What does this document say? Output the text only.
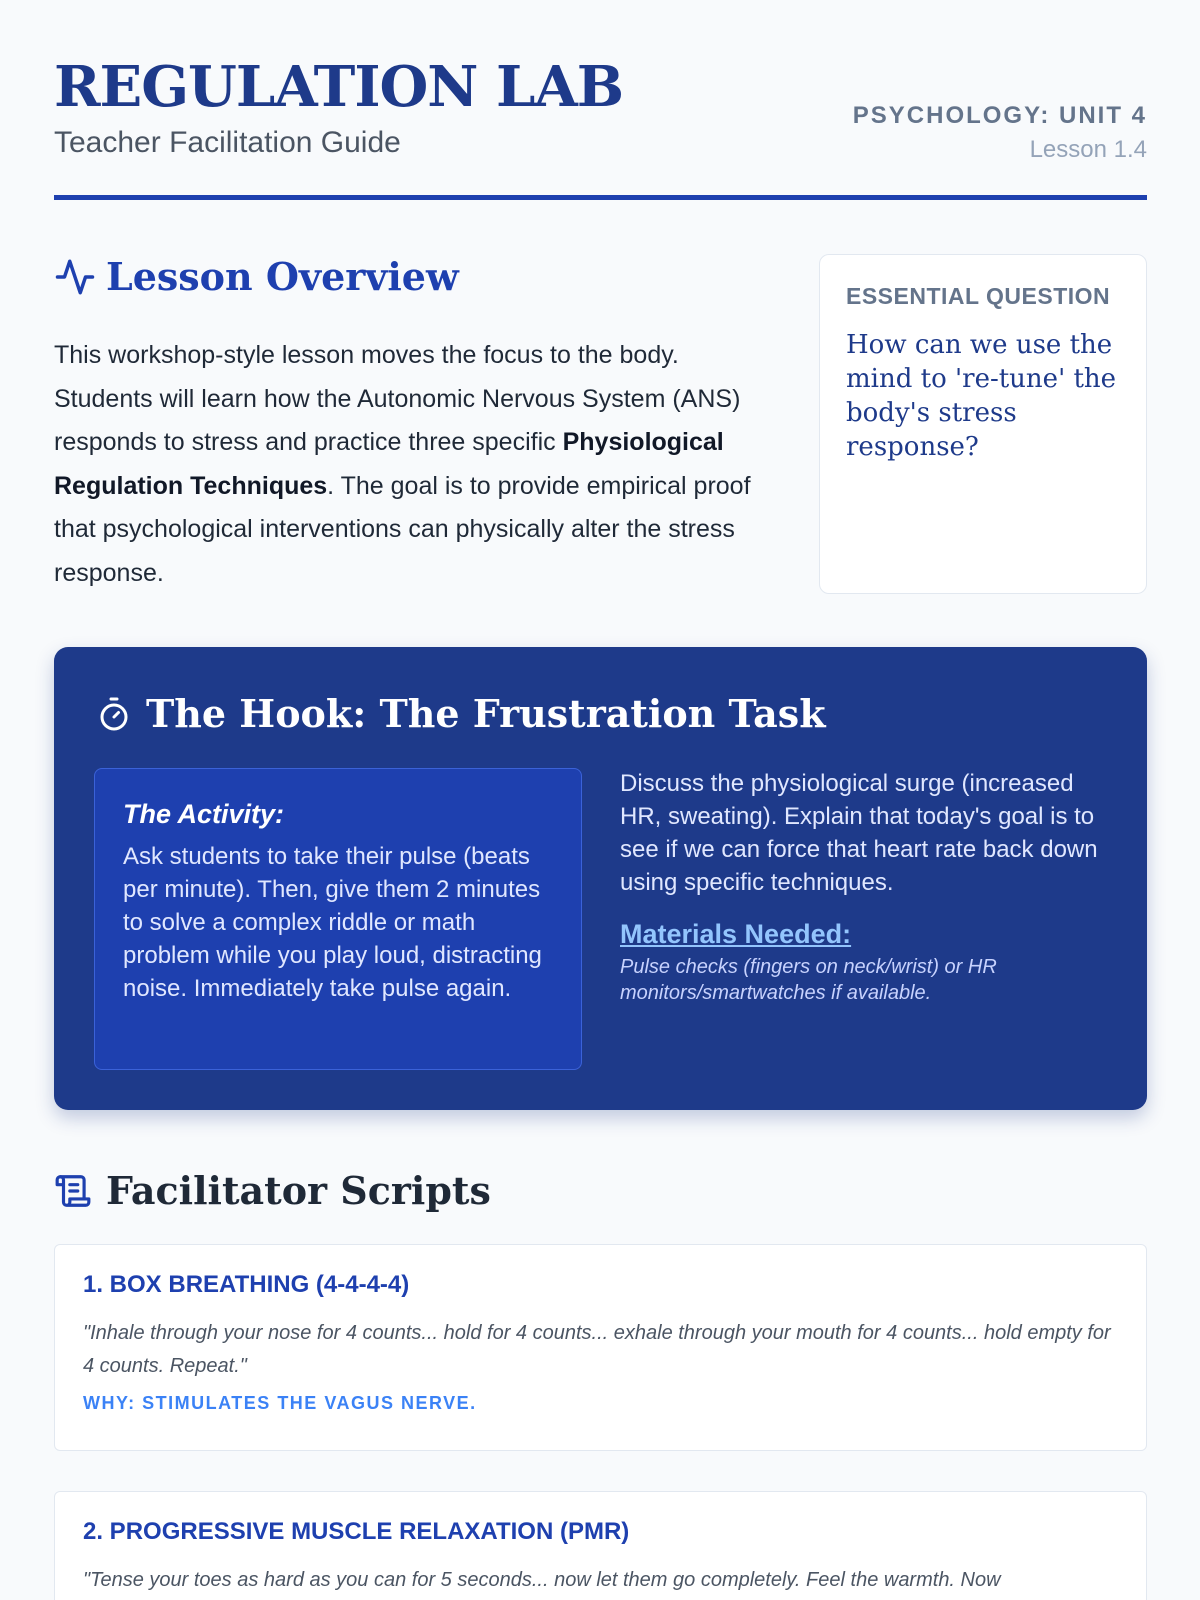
REGULATION LAB
Teacher Facilitation Guide
PSYCHOLOGY: UNIT 4
Lesson 1.4
Lesson Overview

This workshop-style lesson moves the focus to the body. Students will learn how the Autonomic Nervous System (ANS) responds to stress and practice three specific Physiological Regulation Techniques. The goal is to provide empirical proof that psychological interventions can physically alter the stress response.

ESSENTIAL QUESTION
How can we use the mind to 're-tune' the body's stress response?
The Hook: The Frustration Task
The Activity:
Ask students to take their pulse (beats per minute). Then, give them 2 minutes to solve a complex riddle or math problem while you play loud, distracting noise. Immediately take pulse again.
Discuss the physiological surge (increased HR, sweating). Explain that today's goal is to see if we can force that heart rate back down using specific techniques.
Materials Needed:
Pulse checks (fingers on neck/wrist) or HR monitors/smartwatches if available.
Facilitator Scripts
1. BOX BREATHING (4-4-4-4)
"Inhale through your nose for 4 counts... hold for 4 counts... exhale through your mouth for 4 counts... hold empty for 4 counts. Repeat."
WHY: STIMULATES THE VAGUS NERVE.
2. PROGRESSIVE MUSCLE RELAXATION (PMR)
"Tense your toes as hard as you can for 5 seconds... now let them go completely. Feel the warmth. Now
